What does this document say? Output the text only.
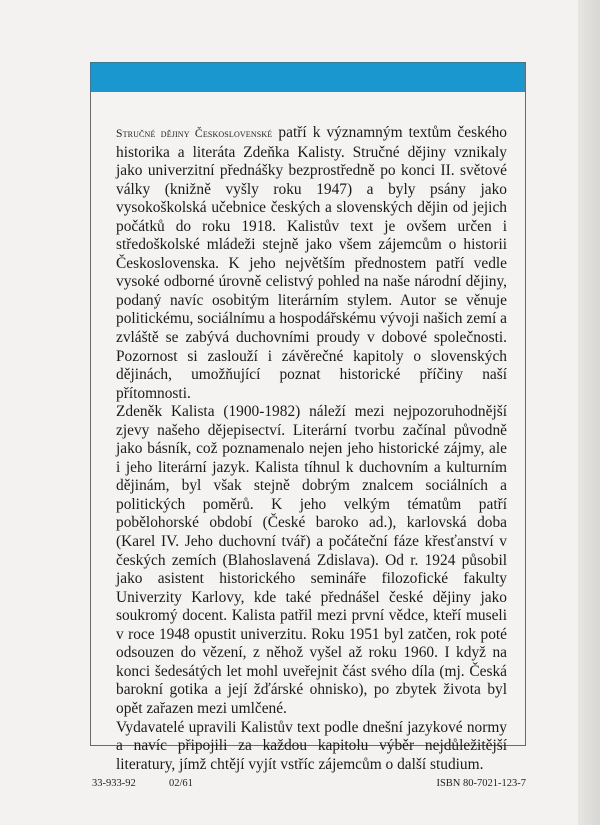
Stručné dějiny Československé patří k významným textům českého historika a literáta Zdeňka Kalisty. Stručné dějiny vznikaly jako univerzitní přednášky bezprostředně po konci II. světové války (knižně vyšly roku 1947) a byly psány jako vysokoškolská učebnice českých a slovenských dějin od jejich počátků do roku 1918. Kalistův text je ovšem určen i středoškolské mládeži stejně jako všem zájemcům o historii Československa. K jeho největším přednostem patří vedle vysoké odborné úrovně celistvý pohled na naše národní dějiny, podaný navíc osobitým literárním stylem. Autor se věnuje politickému, sociálnímu a hospodářskému vývoji našich zemí a zvláště se zabývá duchovními proudy v dobové společnosti. Pozornost si zaslouží i závěrečné kapitoly o slovenských dějinách, umožňující poznat historické příčiny naší přítomnosti.

Zdeněk Kalista (1900-1982) náleží mezi nejpozoruhodnější zjevy našeho dějepisectví. Literární tvorbu začínal původně jako básník, což poznamenalo nejen jeho historické zájmy, ale i jeho literární jazyk. Kalista tíhnul k duchovním a kulturním dějinám, byl však stejně dobrým znalcem sociálních a politických poměrů. K jeho velkým tématům patří pobělohorské období (České baroko ad.), karlovská doba (Karel IV. Jeho duchovní tvář) a počáteční fáze křesťanství v českých zemích (Blahoslavená Zdislava). Od r. 1924 působil jako asistent historického semináře filozofické fakulty Univerzity Karlovy, kde také přednášel české dějiny jako soukromý docent. Kalista patřil mezi první vědce, kteří museli v roce 1948 opustit univerzitu. Roku 1951 byl zatčen, rok poté odsouzen do vězení, z něhož vyšel až roku 1960. I když na konci šedesátých let mohl uveřejnit část svého díla (mj. Česká barokní gotika a její žďárské ohnisko), po zbytek života byl opět zařazen mezi umlčené.

Vydavatelé upravili Kalistův text podle dnešní jazykové normy a navíc připojili za každou kapitolu výběr nejdůležitější literatury, jímž chtějí vyjít vstříc zájemcům o další studium.

33-933-92	02/61	ISBN 80-7021-123-7
